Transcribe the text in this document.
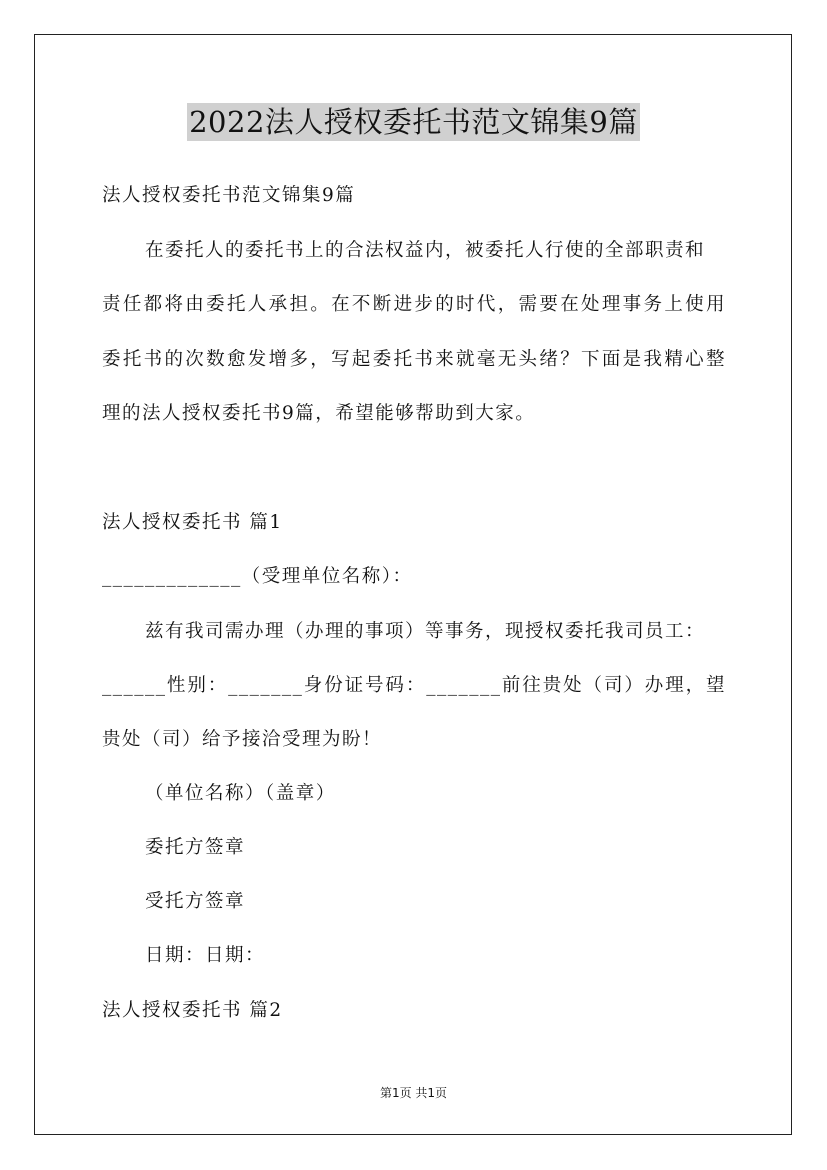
2022法人授权委托书范文锦集9篇
法人授权委托书范文锦集9篇
在委托人的委托书上的合法权益内，被委托人行使的全部职责和
责任都将由委托人承担。在不断进步的时代，需要在处理事务上使用
委托书的次数愈发增多，写起委托书来就毫无头绪？下面是我精心整
理的法人授权委托书9篇，希望能够帮助到大家。
法人授权委托书 篇1
_____________（受理单位名称）：
兹有我司需办理（办理的事项）等事务，现授权委托我司员工：
______性别：_______身份证号码：_______前往贵处（司）办理，望
贵处（司）给予接洽受理为盼！
（单位名称）（盖章）
委托方签章
受托方签章
日期：日期：
法人授权委托书 篇2
第1页 共1页
